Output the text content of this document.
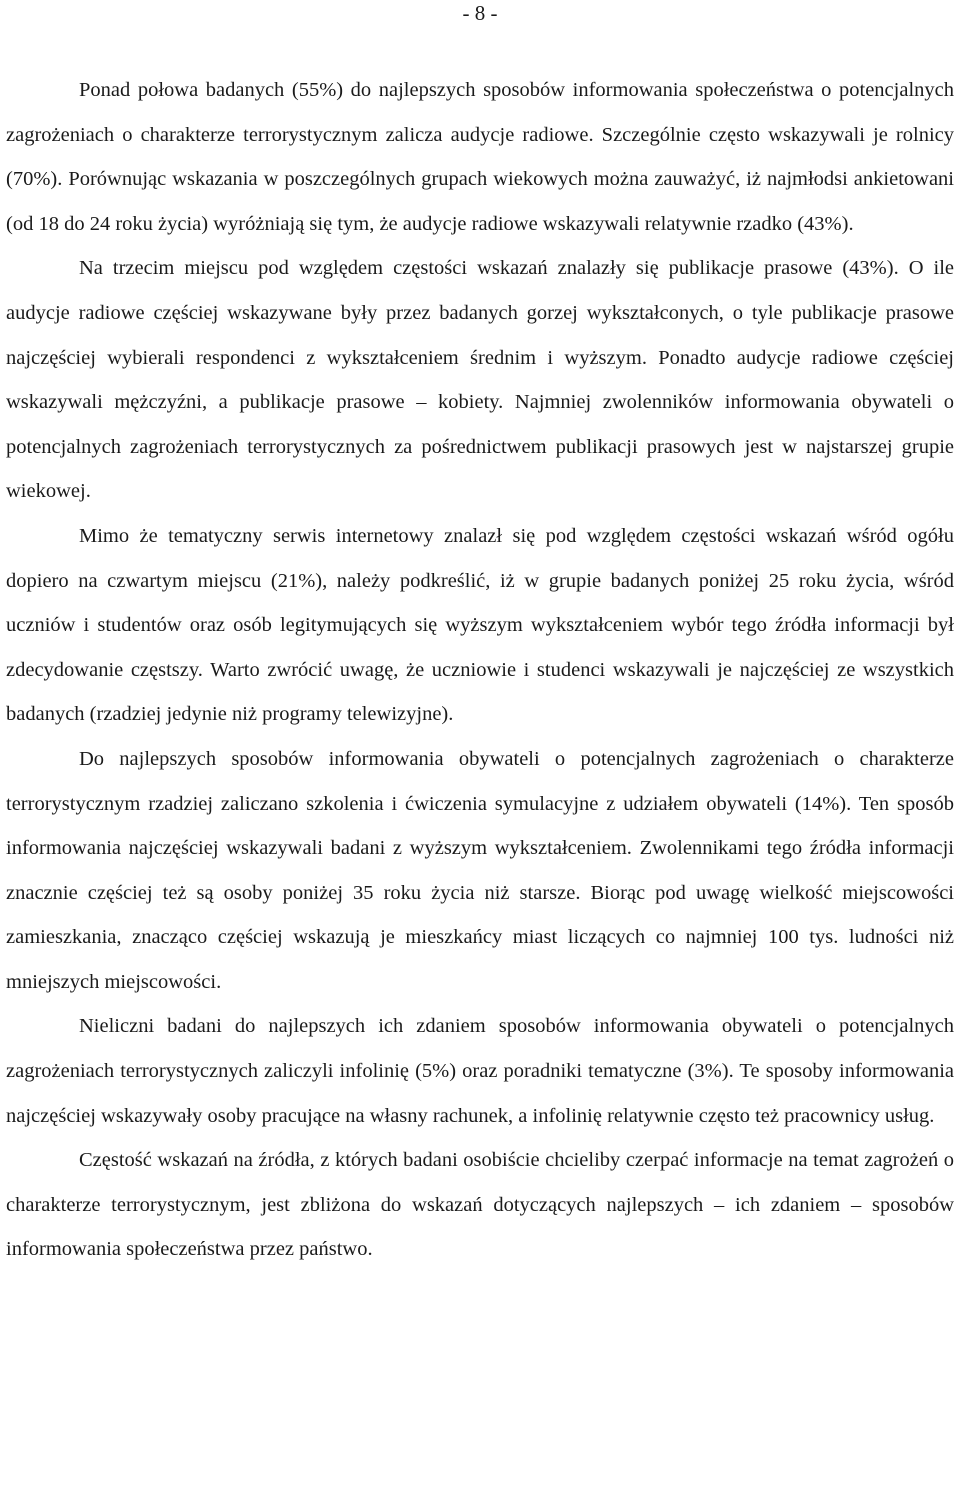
- 8 -

Ponad połowa badanych (55%) do najlepszych sposobów informowania społeczeństwa o potencjalnych zagrożeniach o charakterze terrorystycznym zalicza audycje radiowe. Szczególnie często wskazywali je rolnicy (70%). Porównując wskazania w poszczególnych grupach wiekowych można zauważyć, iż najmłodsi ankietowani (od 18 do 24 roku życia) wyróżniają się tym, że audycje radiowe wskazywali relatywnie rzadko (43%).

Na trzecim miejscu pod względem częstości wskazań znalazły się publikacje prasowe (43%). O ile audycje radiowe częściej wskazywane były przez badanych gorzej wykształconych, o tyle publikacje prasowe najczęściej wybierali respondenci z wykształceniem średnim i wyższym. Ponadto audycje radiowe częściej wskazywali mężczyźni, a publikacje prasowe – kobiety. Najmniej zwolenników informowania obywateli o potencjalnych zagrożeniach terrorystycznych za pośrednictwem publikacji prasowych jest w najstarszej grupie wiekowej.

Mimo że tematyczny serwis internetowy znalazł się pod względem częstości wskazań wśród ogółu dopiero na czwartym miejscu (21%), należy podkreślić, iż w grupie badanych poniżej 25 roku życia, wśród uczniów i studentów oraz osób legitymujących się wyższym wykształceniem wybór tego źródła informacji był zdecydowanie częstszy. Warto zwrócić uwagę, że uczniowie i studenci wskazywali je najczęściej ze wszystkich badanych (rzadziej jedynie niż programy telewizyjne).

Do najlepszych sposobów informowania obywateli o potencjalnych zagrożeniach o charakterze terrorystycznym rzadziej zaliczano szkolenia i ćwiczenia symulacyjne z udziałem obywateli (14%). Ten sposób informowania najczęściej wskazywali badani z wyższym wykształceniem. Zwolennikami tego źródła informacji znacznie częściej też są osoby poniżej 35 roku życia niż starsze. Biorąc pod uwagę wielkość miejscowości zamieszkania, znacząco częściej wskazują je mieszkańcy miast liczących co najmniej 100 tys. ludności niż mniejszych miejscowości.

Nieliczni badani do najlepszych ich zdaniem sposobów informowania obywateli o potencjalnych zagrożeniach terrorystycznych zaliczyli infolinię (5%) oraz poradniki tematyczne (3%). Te sposoby informowania najczęściej wskazywały osoby pracujące na własny rachunek, a infolinię relatywnie często też pracownicy usług.

Częstość wskazań na źródła, z których badani osobiście chcieliby czerpać informacje na temat zagrożeń o charakterze terrorystycznym, jest zbliżona do wskazań dotyczących najlepszych – ich zdaniem – sposobów informowania społeczeństwa przez państwo.
